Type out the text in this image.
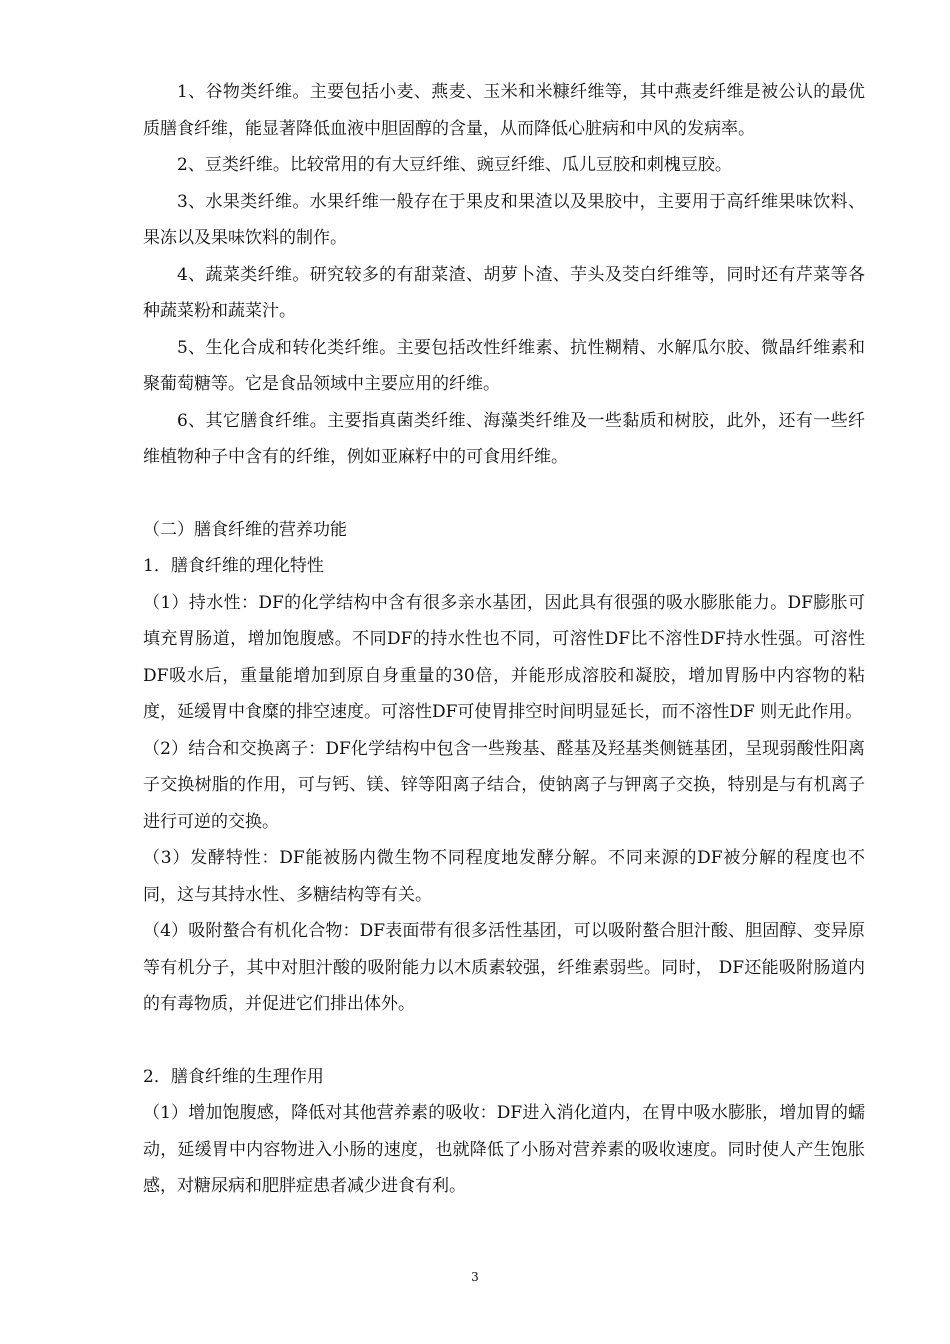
1、谷物类纤维。主要包括小麦、燕麦、玉米和米糠纤维等，其中燕麦纤维是被公认的最优质膳食纤维，能显著降低血液中胆固醇的含量，从而降低心脏病和中风的发病率。

2、豆类纤维。比较常用的有大豆纤维、豌豆纤维、瓜儿豆胶和刺槐豆胶。

3、水果类纤维。水果纤维一般存在于果皮和果渣以及果胶中，主要用于高纤维果味饮料、果冻以及果味饮料的制作。

4、蔬菜类纤维。研究较多的有甜菜渣、胡萝卜渣、芋头及茭白纤维等，同时还有芹菜等各种蔬菜粉和蔬菜汁。

5、生化合成和转化类纤维。主要包括改性纤维素、抗性糊精、水解瓜尔胶、微晶纤维素和聚葡萄糖等。它是食品领域中主要应用的纤维。

6、其它膳食纤维。主要指真菌类纤维、海藻类纤维及一些黏质和树胶，此外，还有一些纤维植物种子中含有的纤维，例如亚麻籽中的可食用纤维。

（二）膳食纤维的营养功能

1．膳食纤维的理化特性

（1）持水性：DF的化学结构中含有很多亲水基团，因此具有很强的吸水膨胀能力。DF膨胀可填充胃肠道，增加饱腹感。不同DF的持水性也不同，可溶性DF比不溶性DF持水性强。可溶性DF吸水后，重量能增加到原自身重量的30倍，并能形成溶胶和凝胶，增加胃肠中内容物的粘度，延缓胃中食糜的排空速度。可溶性DF可使胃排空时间明显延长，而不溶性DF 则无此作用。

（2）结合和交换离子：DF化学结构中包含一些羧基、醛基及羟基类侧链基团，呈现弱酸性阳离子交换树脂的作用，可与钙、镁、锌等阳离子结合，使钠离子与钾离子交换，特别是与有机离子进行可逆的交换。

（3）发酵特性：DF能被肠内微生物不同程度地发酵分解。不同来源的DF被分解的程度也不同，这与其持水性、多糖结构等有关。

（4）吸附螯合有机化合物：DF表面带有很多活性基团，可以吸附螯合胆汁酸、胆固醇、变异原等有机分子，其中对胆汁酸的吸附能力以木质素较强，纤维素弱些。同时， DF还能吸附肠道内的有毒物质，并促进它们排出体外。

2．膳食纤维的生理作用

（1）增加饱腹感，降低对其他营养素的吸收：DF进入消化道内，在胃中吸水膨胀，增加胃的蠕动，延缓胃中内容物进入小肠的速度，也就降低了小肠对营养素的吸收速度。同时使人产生饱胀感，对糖尿病和肥胖症患者减少进食有利。

3
